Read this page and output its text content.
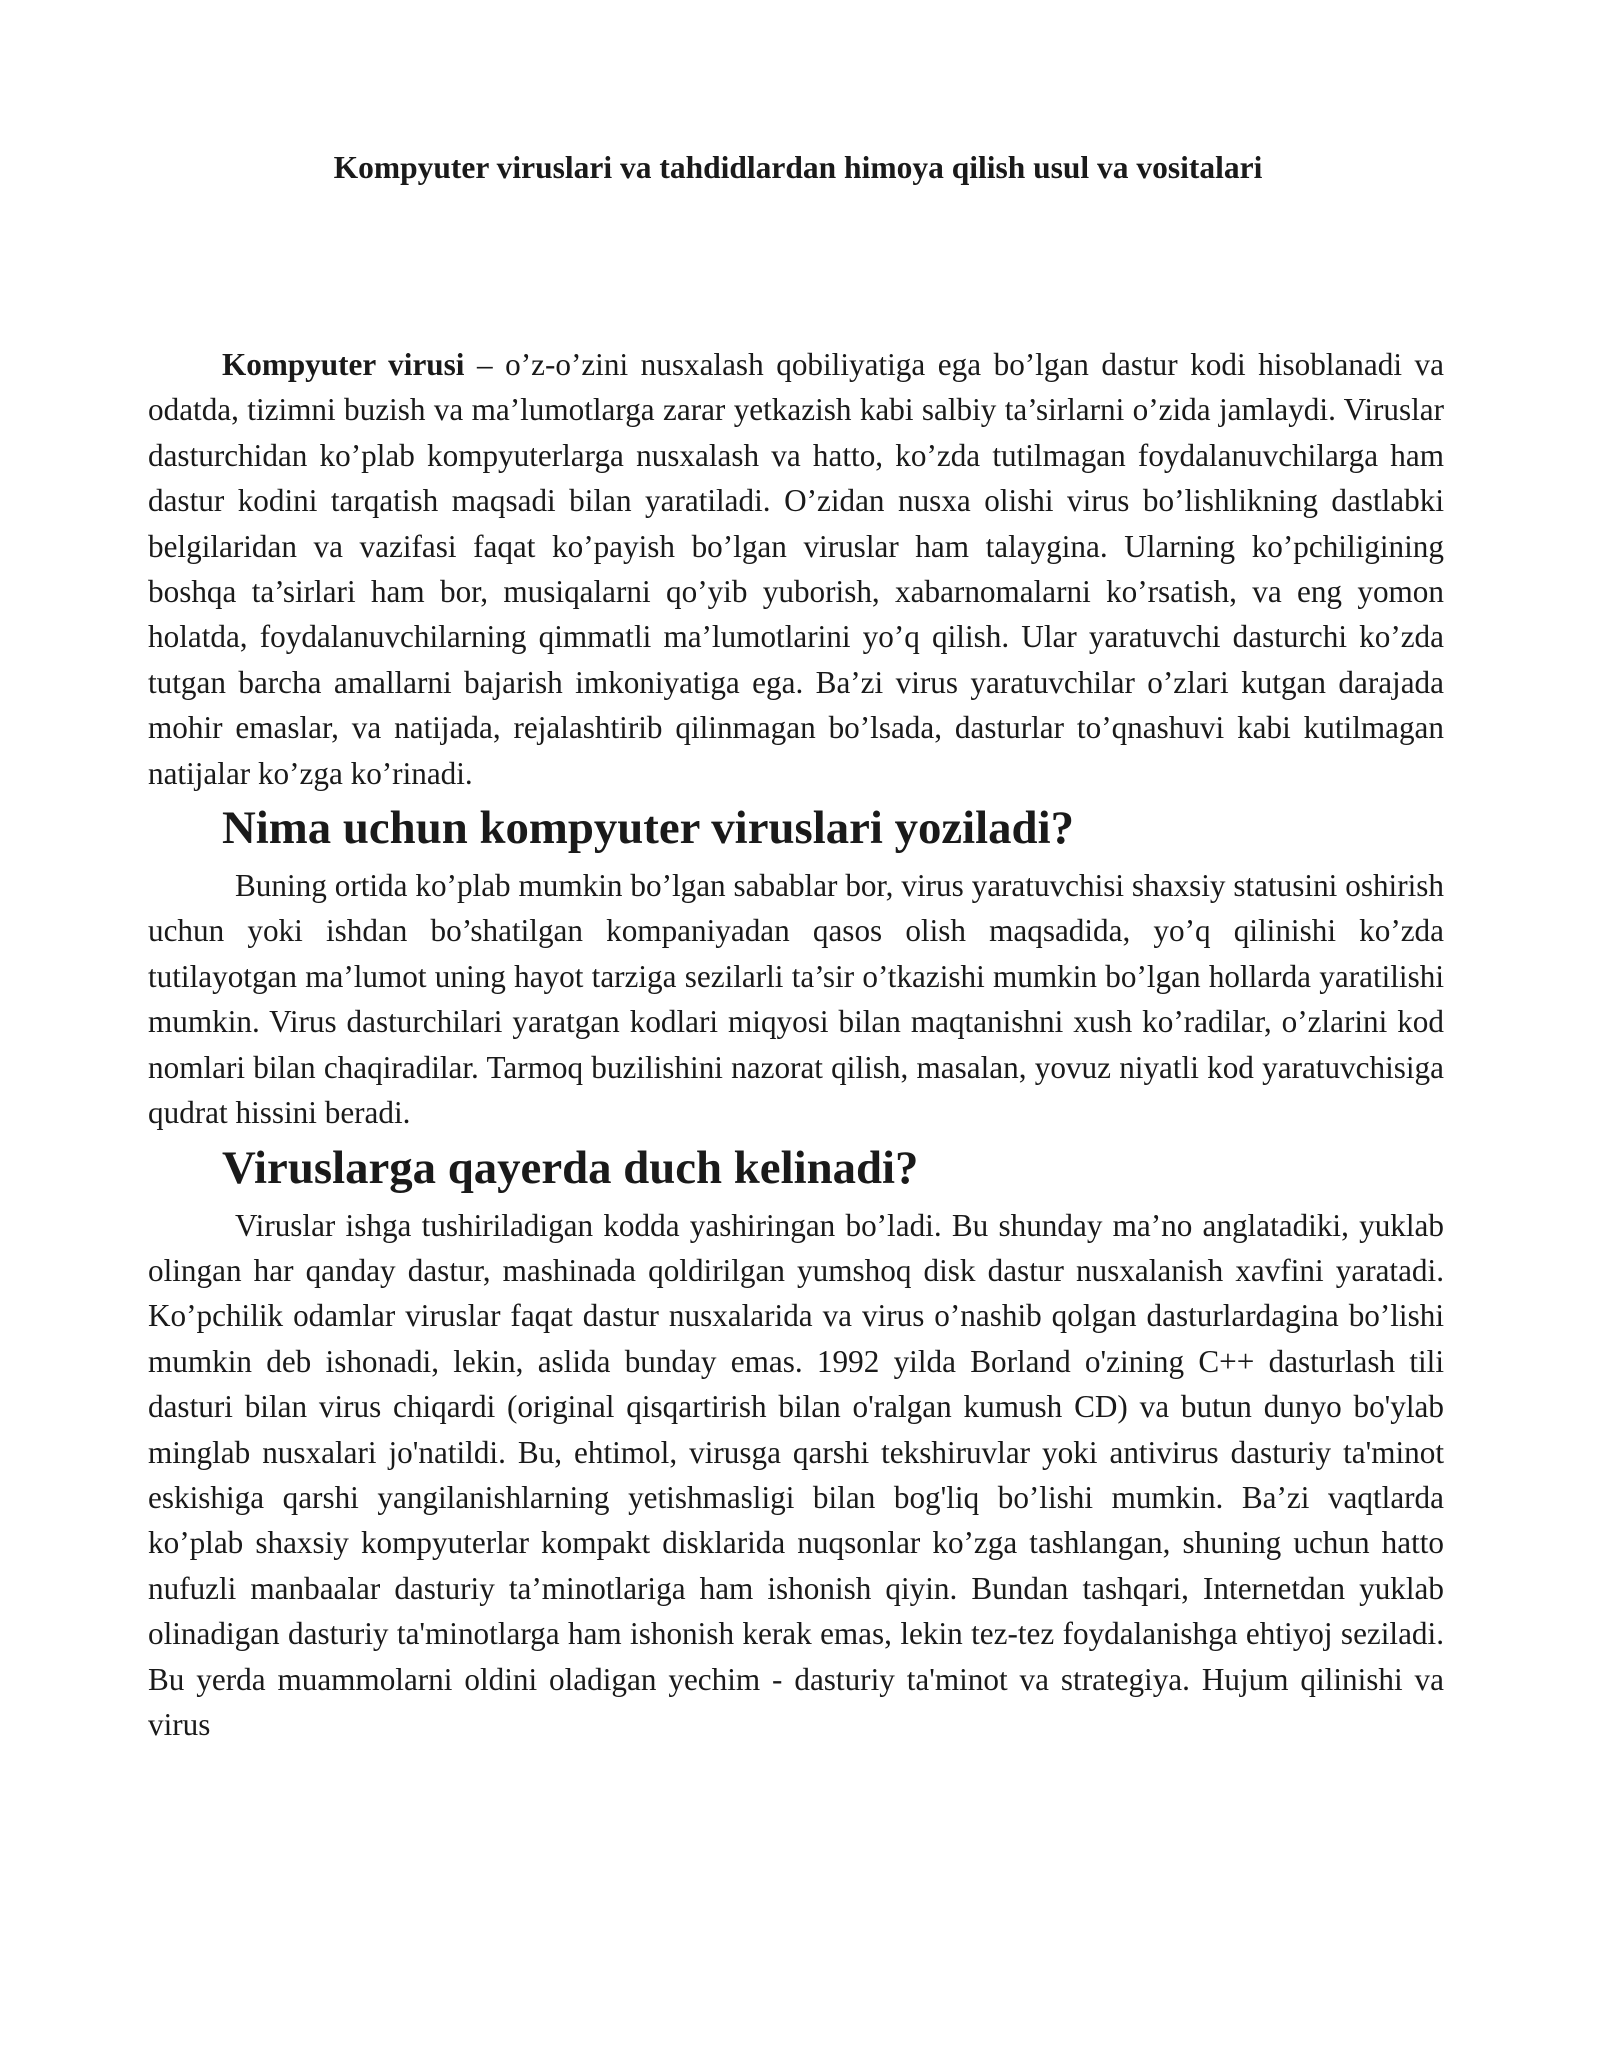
Kompyuter viruslari va tahdidlardan himoya qilish usul va vositalari

Kompyuter virusi – o’z-o’zini nusxalash qobiliyatiga ega bo’lgan dastur kodi hisoblanadi va odatda, tizimni buzish va ma’lumotlarga zarar yetkazish kabi salbiy ta’sirlarni o’zida jamlaydi. Viruslar dasturchidan ko’plab kompyuterlarga nusxalash va hatto, ko’zda tutilmagan foydalanuvchilarga ham dastur kodini tarqatish maqsadi bilan yaratiladi. O’zidan nusxa olishi virus bo’lishlikning dastlabki belgilaridan va vazifasi faqat ko’payish bo’lgan viruslar ham talaygina. Ularning ko’pchiligining boshqa ta’sirlari ham bor, musiqalarni qo’yib yuborish, xabarnomalarni ko’rsatish, va eng yomon holatda, foydalanuvchilarning qimmatli ma’lumotlarini yo’q qilish. Ular yaratuvchi dasturchi ko’zda tutgan barcha amallarni bajarish imkoniyatiga ega. Ba’zi virus yaratuvchilar o’zlari kutgan darajada mohir emaslar, va natijada, rejalashtirib qilinmagan bo’lsada, dasturlar to’qnashuvi kabi kutilmagan natijalar ko’zga ko’rinadi.

Nima uchun kompyuter viruslari yoziladi?

Buning ortida ko’plab mumkin bo’lgan sabablar bor, virus yaratuvchisi shaxsiy statusini oshirish uchun yoki ishdan bo’shatilgan kompaniyadan qasos olish maqsadida, yo’q qilinishi ko’zda tutilayotgan ma’lumot uning hayot tarziga sezilarli ta’sir o’tkazishi mumkin bo’lgan hollarda yaratilishi mumkin. Virus dasturchilari yaratgan kodlari miqyosi bilan maqtanishni xush ko’radilar, o’zlarini kod nomlari bilan chaqiradilar. Tarmoq buzilishini nazorat qilish, masalan, yovuz niyatli kod yaratuvchisiga qudrat hissini beradi.

Viruslarga qayerda duch kelinadi?

Viruslar ishga tushiriladigan kodda yashiringan bo’ladi. Bu shunday ma’no anglatadiki, yuklab olingan har qanday dastur, mashinada qoldirilgan yumshoq disk dastur nusxalanish xavfini yaratadi. Ko’pchilik odamlar viruslar faqat dastur nusxalarida va virus o’nashib qolgan dasturlardagina bo’lishi mumkin deb ishonadi, lekin, aslida bunday emas. 1992 yilda Borland o'zining C++ dasturlash tili dasturi bilan virus chiqardi (original qisqartirish bilan o'ralgan kumush CD) va butun dunyo bo'ylab minglab nusxalari jo'natildi. Bu, ehtimol, virusga qarshi tekshiruvlar yoki antivirus dasturiy ta'minot eskishiga qarshi yangilanishlarning yetishmasligi bilan bog'liq bo’lishi mumkin. Ba’zi vaqtlarda ko’plab shaxsiy kompyuterlar kompakt disklarida nuqsonlar ko’zga tashlangan, shuning uchun hatto nufuzli manbaalar dasturiy ta’minotlariga ham ishonish qiyin. Bundan tashqari, Internetdan yuklab olinadigan dasturiy ta'minotlarga ham ishonish kerak emas, lekin tez-tez foydalanishga ehtiyoj seziladi. Bu yerda muammolarni oldini oladigan yechim - dasturiy ta'minot va strategiya. Hujum qilinishi va virus
